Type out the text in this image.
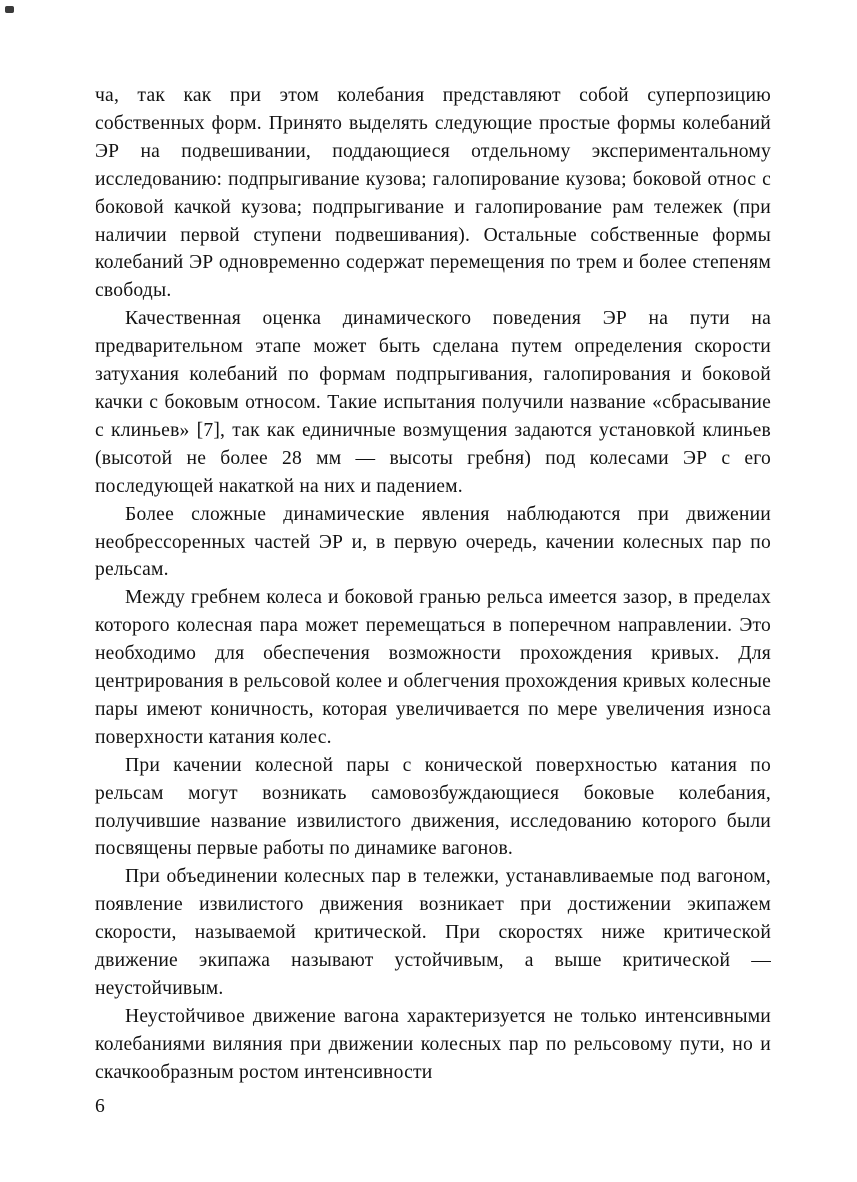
ча, так как при этом колебания представляют собой суперпозицию собственных форм. Принято выделять следующие простые формы колебаний ЭР на подвешивании, поддающиеся отдельному экспериментальному исследованию: подпрыгивание кузова; галопирование кузова; боковой относ с боковой качкой кузова; подпрыгивание и галопирование рам тележек (при наличии первой ступени подвешивания). Остальные собственные формы колебаний ЭР одновременно содержат перемещения по трем и более степеням свободы.

Качественная оценка динамического поведения ЭР на пути на предварительном этапе может быть сделана путем определения скорости затухания колебаний по формам подпрыгивания, галопирования и боковой качки с боковым относом. Такие испытания получили название «сбрасывание с клиньев» [7], так как единичные возмущения задаются установкой клиньев (высотой не более 28 мм — высоты гребня) под колесами ЭР с его последующей накаткой на них и падением.

Более сложные динамические явления наблюдаются при движении необрессоренных частей ЭР и, в первую очередь, качении колесных пар по рельсам.

Между гребнем колеса и боковой гранью рельса имеется зазор, в пределах которого колесная пара может перемещаться в поперечном направлении. Это необходимо для обеспечения возможности прохождения кривых. Для центрирования в рельсовой колее и облегчения прохождения кривых колесные пары имеют коничность, которая увеличивается по мере увеличения износа поверхности катания колес.

При качении колесной пары с конической поверхностью катания по рельсам могут возникать самовозбуждающиеся боковые колебания, получившие название извилистого движения, исследованию которого были посвящены первые работы по динамике вагонов.

При объединении колесных пар в тележки, устанавливаемые под вагоном, появление извилистого движения возникает при достижении экипажем скорости, называемой критической. При скоростях ниже критической движение экипажа называют устойчивым, а выше критической — неустойчивым.

Неустойчивое движение вагона характеризуется не только интенсивными колебаниями виляния при движении колесных пар по рельсовому пути, но и скачкообразным ростом интенсивности

6
